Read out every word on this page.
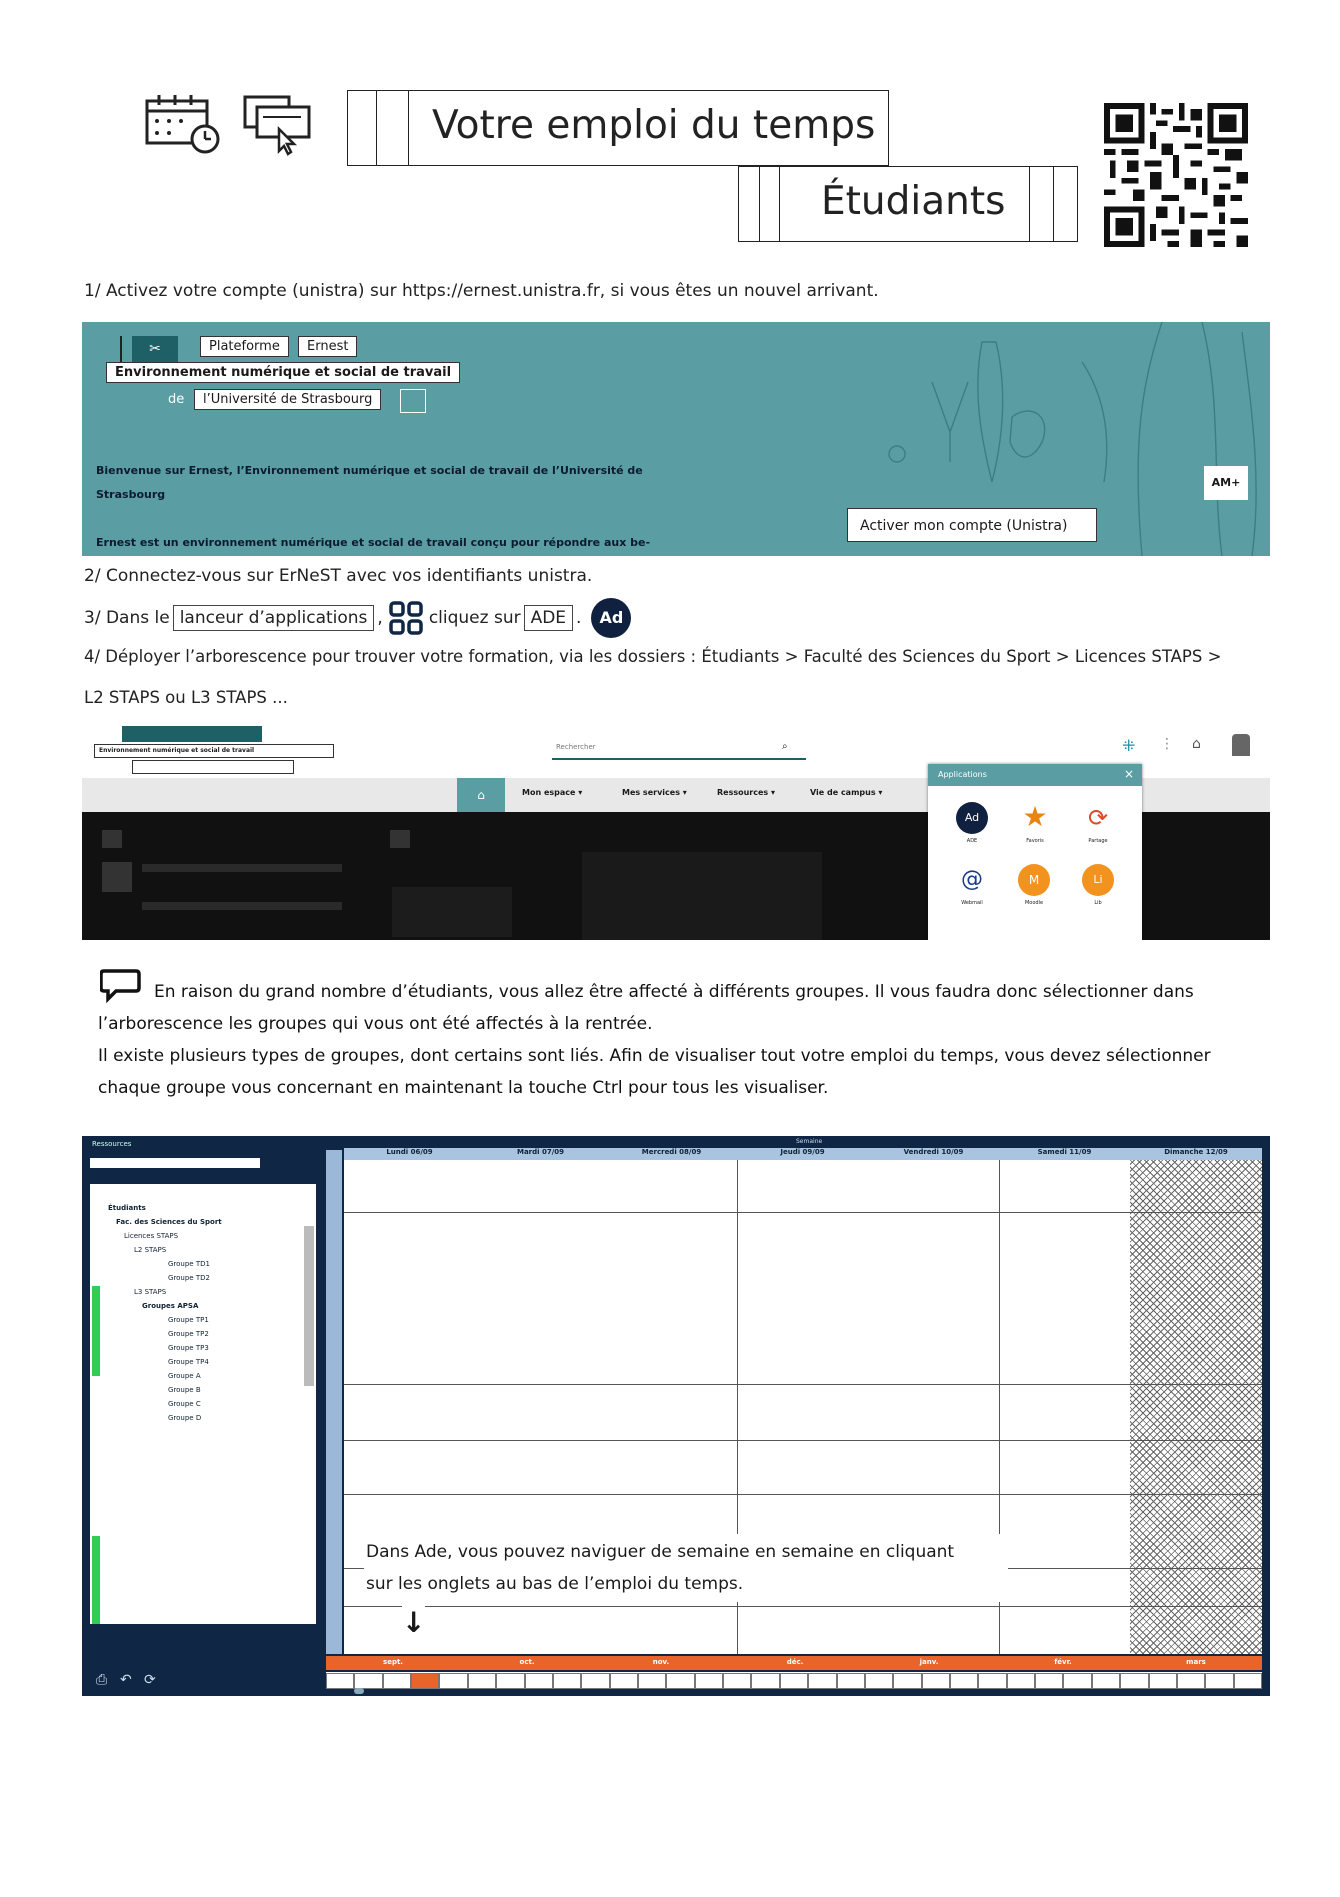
Votre emploi du temps
Étudiants
1/ Activez votre compte (unistra) sur https://ernest.unistra.fr, si vous êtes un nouvel arrivant.
✂	Plateforme	Ernest
Environnement numérique et social de travail
de	l’Université de Strasbourg
Bienvenue sur Ernest, l’Environnement numérique et social de travail de l’Université de
Strasbourg
Ernest est un environnement numérique et social de travail conçu pour répondre aux be-
Activer mon compte (Unistra)
AM+
2/ Connectez-vous sur ErNeST avec vos identifiants unistra.
3/ Dans le lanceur d’applications ,	cliquez sur ADE .	Ad
4/ Déployer l’arborescence pour trouver votre formation, via les dossiers : Étudiants > Faculté des Sciences du Sport > Licences STAPS >
L2 STAPS ou L3 STAPS ...
Environnement numérique et social de travail	Rechercher	⌕	⁜ ⋮ ⌂
⌂	Mon espace ▾	Mes services ▾	Ressources ▾	Vie de campus ▾
Applications	×
Ad
ADE
★
Favoris
⟳
Partage
@
Webmail
M
Moodle
Li
Lib
En raison du grand nombre d’étudiants, vous allez être affecté à différents groupes. Il vous faudra donc sélectionner dans l’arborescence les groupes qui vous ont été affectés à la rentrée.
Il existe plusieurs types de groupes, dont certains sont liés. Afin de visualiser tout votre emploi du temps, vous devez sélectionner chaque groupe vous concernant en maintenant la touche Ctrl pour tous les visualiser.
Ressources
Étudiants
Fac. des Sciences du Sport
Licences STAPS
L2 STAPS
Groupe TD1
Groupe TD2
L3 STAPS
Groupes APSA
Groupe TP1
Groupe TP2
Groupe TP3
Groupe TP4
Groupe A
Groupe B
Groupe C
Groupe D
⎙ ↶ ⟳
Semaine
Lundi 06/09	Mardi 07/09	Mercredi 08/09	Jeudi 09/09	Vendredi 10/09	Samedi 11/09	Dimanche 12/09
Dans Ade, vous pouvez naviguer de semaine en semaine en cliquant
sur les onglets au bas de l’emploi du temps.
↓
sept.	oct.	nov.	déc.	janv.	févr.	mars
